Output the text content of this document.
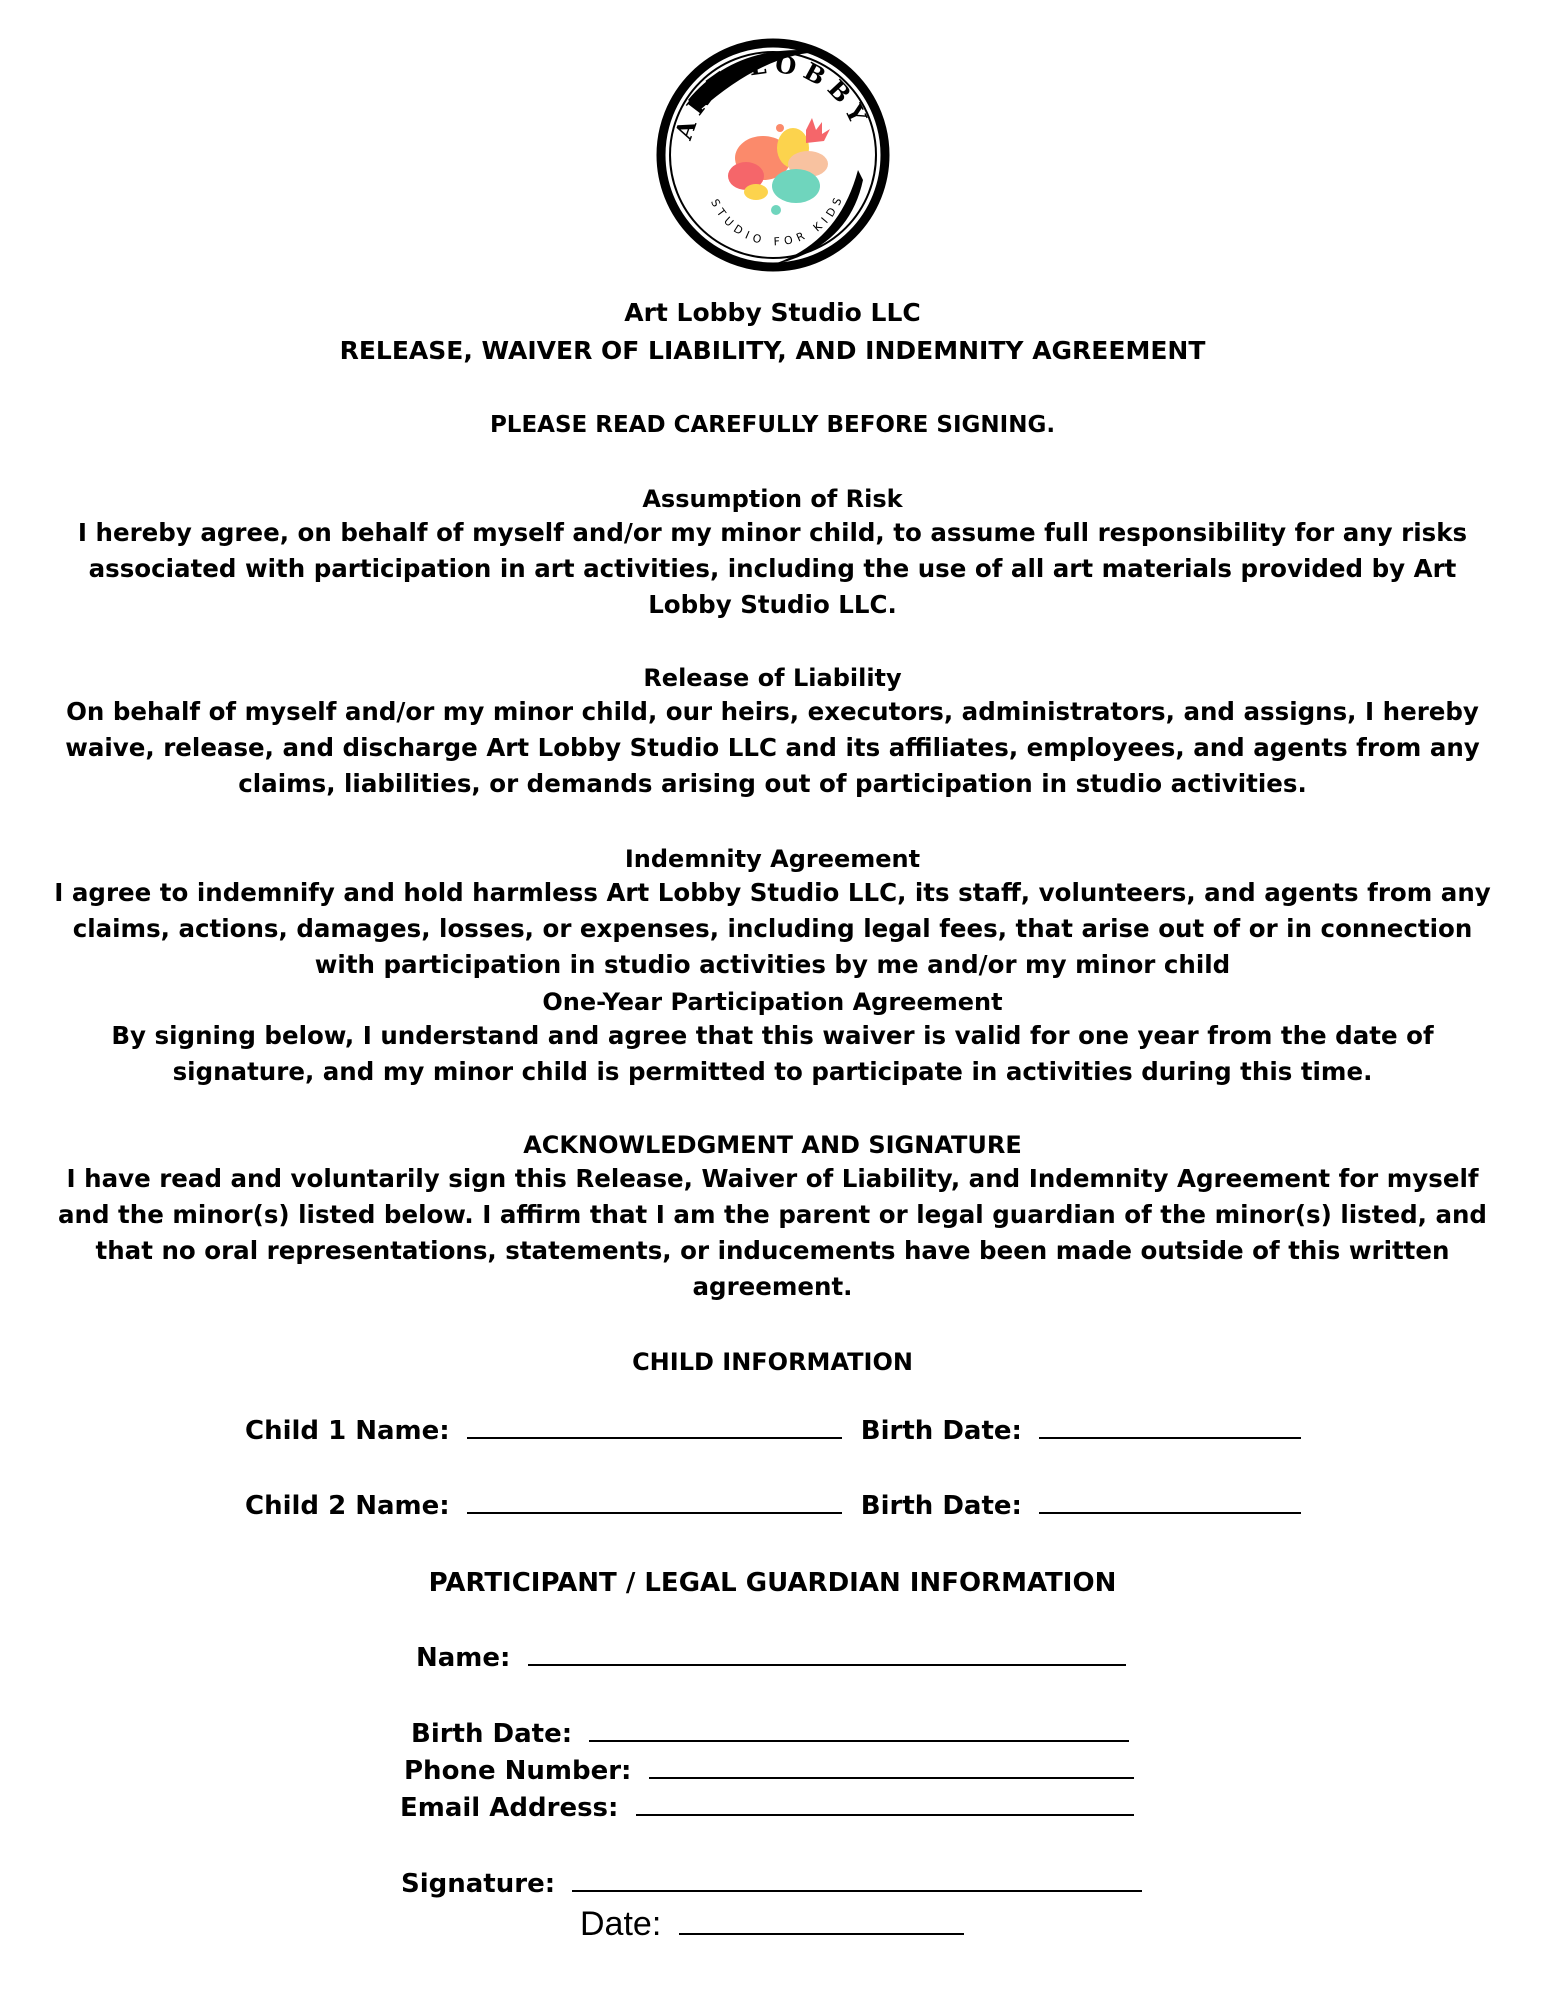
ART LOBBY
STUDIO FOR KIDS
Art Lobby Studio LLC
RELEASE, WAIVER OF LIABILITY, AND INDEMNITY AGREEMENT
PLEASE READ CAREFULLY BEFORE SIGNING.
Assumption of Risk
I hereby agree, on behalf of myself and/or my minor child, to assume full responsibility for any risks
associated with participation in art activities, including the use of all art materials provided by Art
Lobby Studio LLC.
Release of Liability
On behalf of myself and/or my minor child, our heirs, executors, administrators, and assigns, I hereby
waive, release, and discharge Art Lobby Studio LLC and its affiliates, employees, and agents from any
claims, liabilities, or demands arising out of participation in studio activities.
Indemnity Agreement
I agree to indemnify and hold harmless Art Lobby Studio LLC, its staff, volunteers, and agents from any
claims, actions, damages, losses, or expenses, including legal fees, that arise out of or in connection
with participation in studio activities by me and/or my minor child
One-Year Participation Agreement
By signing below, I understand and agree that this waiver is valid for one year from the date of
signature, and my minor child is permitted to participate in activities during this time.
ACKNOWLEDGMENT AND SIGNATURE
I have read and voluntarily sign this Release, Waiver of Liability, and Indemnity Agreement for myself
and the minor(s) listed below. I affirm that I am the parent or legal guardian of the minor(s) listed, and
that no oral representations, statements, or inducements have been made outside of this written
agreement.
CHILD INFORMATION
Child 1 Name:	Birth Date:
Child 2 Name:	Birth Date:
PARTICIPANT / LEGAL GUARDIAN INFORMATION
Name:
Birth Date:
Phone Number:
Email Address:
Signature:
Date:
